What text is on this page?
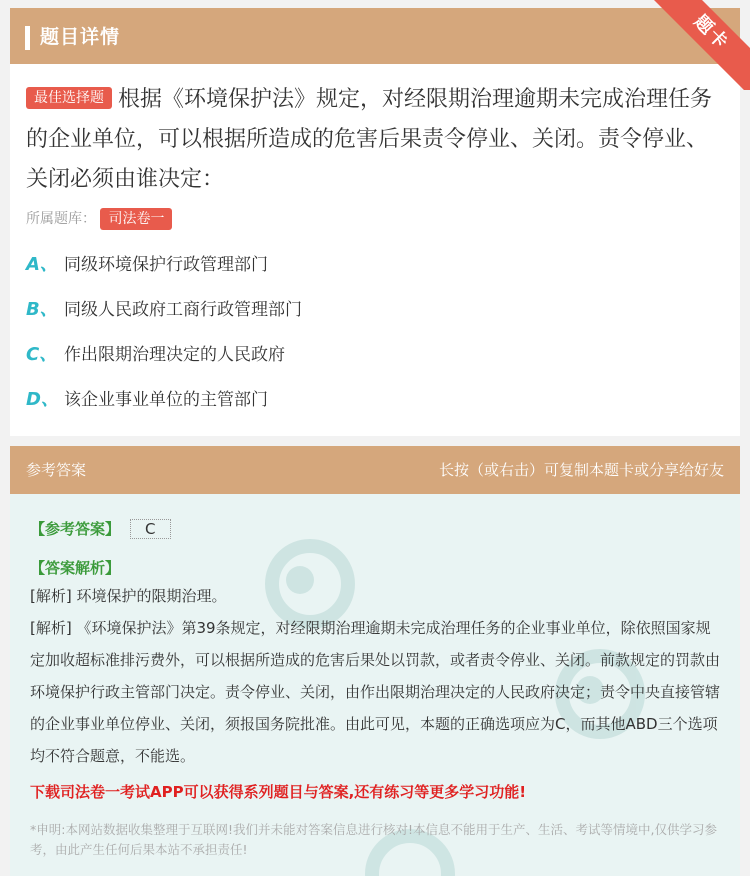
题目详情	题卡

最佳选择题 根据《环境保护法》规定，对经限期治理逾期未完成治理任务的企业单位，可以根据所造成的危害后果责令停业、关闭。责令停业、关闭必须由谁决定：

所属题库： 司法卷一
A、 同级环境保护行政管理部门
B、 同级人民政府工商行政管理部门
C、 作出限期治理决定的人民政府
D、 该企业事业单位的主管部门
参考答案	长按（或右击）可复制本题卡或分享给好友
【参考答案】 C
【答案解析】

[解析] 环境保护的限期治理。

[解析] 《环境保护法》第39条规定，对经限期治理逾期未完成治理任务的企业事业单位，除依照国家规定加收超标准排污费外，可以根据所造成的危害后果处以罚款，或者责令停业、关闭。前款规定的罚款由环境保护行政主管部门决定。责令停业、关闭，由作出限期治理决定的人民政府决定；责令中央直接管辖的企业事业单位停业、关闭，须报国务院批准。由此可见，本题的正确选项应为C，而其他ABD三个选项均不符合题意，不能选。

下载司法卷一考试APP可以获得系列题目与答案,还有练习等更多学习功能!

*申明:本网站数据收集整理于互联网!我们并未能对答案信息进行核对!本信息不能用于生产、生活、考试等情境中,仅供学习参考，由此产生任何后果本站不承担责任!
